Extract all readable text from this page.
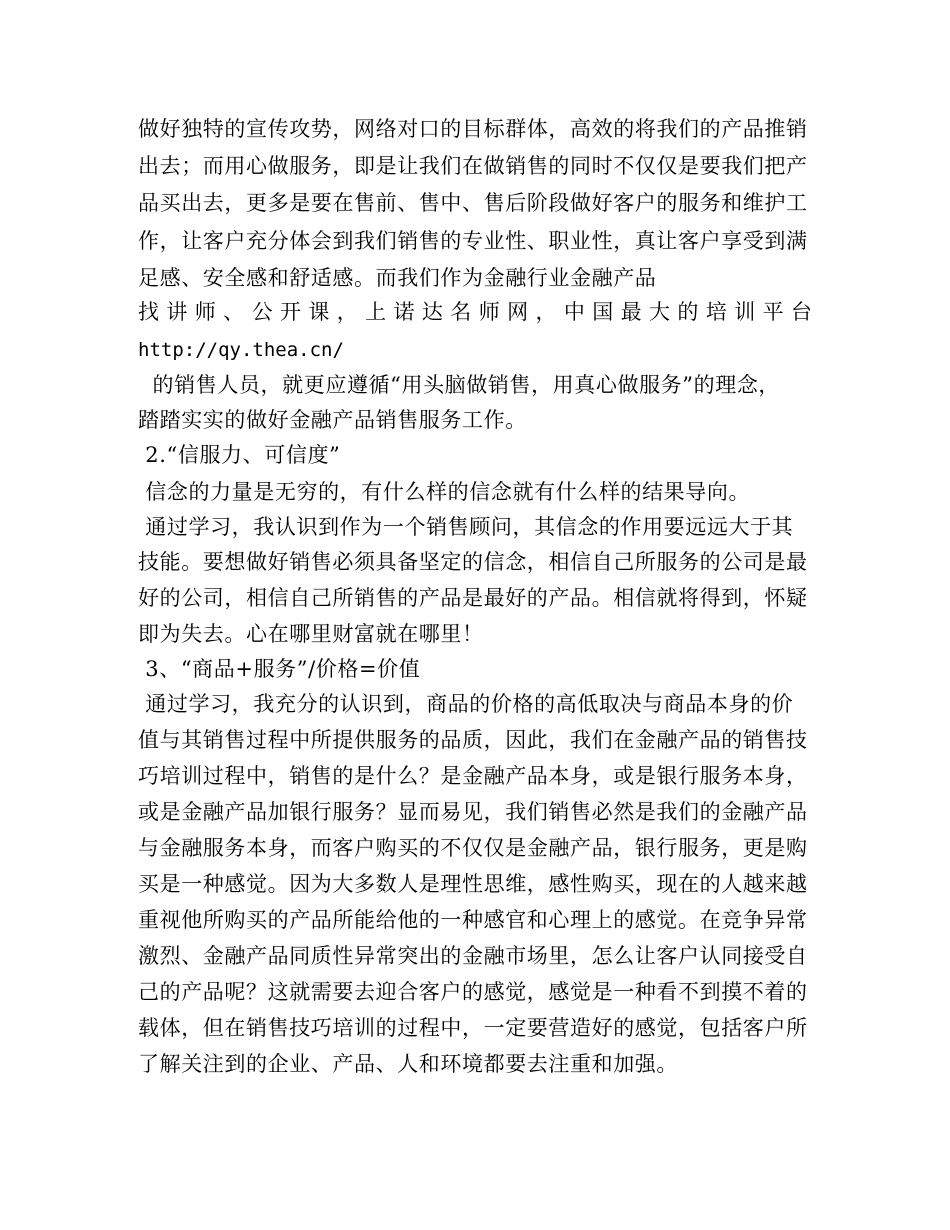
做好独特的宣传攻势，网络对口的目标群体，高效的将我们的产品推销
出去；而用心做服务，即是让我们在做销售的同时不仅仅是要我们把产
品买出去，更多是要在售前、售中、售后阶段做好客户的服务和维护工
作，让客户充分体会到我们销售的专业性、职业性，真让客户享受到满
足感、安全感和舒适感。而我们作为金融行业金融产品
找讲师、公开课，上诺达名师网，中国最大的培训平台
http://qy.thea.cn/
的销售人员，就更应遵循“用头脑做销售，用真心做服务”的理念，
踏踏实实的做好金融产品销售服务工作。
2.“信服力、可信度”
信念的力量是无穷的，有什么样的信念就有什么样的结果导向。
通过学习，我认识到作为一个销售顾问，其信念的作用要远远大于其
技能。要想做好销售必须具备坚定的信念，相信自己所服务的公司是最
好的公司，相信自己所销售的产品是最好的产品。相信就将得到，怀疑
即为失去。心在哪里财富就在哪里！
3、“商品+服务”/价格=价值
通过学习，我充分的认识到，商品的价格的高低取决与商品本身的价
值与其销售过程中所提供服务的品质，因此，我们在金融产品的销售技
巧培训过程中，销售的是什么？是金融产品本身，或是银行服务本身，
或是金融产品加银行服务？显而易见，我们销售必然是我们的金融产品
与金融服务本身，而客户购买的不仅仅是金融产品，银行服务，更是购
买是一种感觉。因为大多数人是理性思维，感性购买，现在的人越来越
重视他所购买的产品所能给他的一种感官和心理上的感觉。在竞争异常
激烈、金融产品同质性异常突出的金融市场里，怎么让客户认同接受自
己的产品呢？这就需要去迎合客户的感觉，感觉是一种看不到摸不着的
载体，但在销售技巧培训的过程中，一定要营造好的感觉，包括客户所
了解关注到的企业、产品、人和环境都要去注重和加强。
